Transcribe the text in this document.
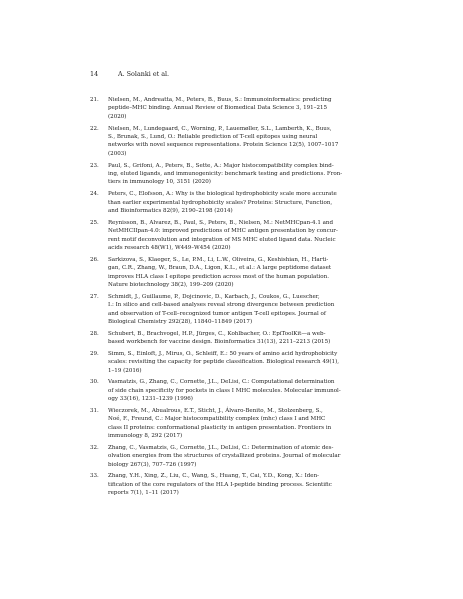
14	A. Solanki et al.
21. Nielsen, M., Andreatta, M., Peters, B., Buus, S.: Immunoinformatics: predicting
peptide–MHC binding. Annual Review of Biomedical Data Science 3, 191–215
(2020)
22. Nielsen, M., Lundegaard, C., Worning, P., Lauemøller, S.L., Lamberth, K., Buus,
S., Brunak, S., Lund, O.: Reliable prediction of T-cell epitopes using neural
networks with novel sequence representations. Protein Science 12(5), 1007–1017
(2003)
23. Paul, S., Grifoni, A., Peters, B., Sette, A.: Major histocompatibility complex bind-
ing, eluted ligands, and immunogenicity: benchmark testing and predictions. Fron-
tiers in immunology 10, 3151 (2020)
24. Peters, C., Elofsson, A.: Why is the biological hydrophobicity scale more accurate
than earlier experimental hydrophobicity scales? Proteins: Structure, Function,
and Bioinformatics 82(9), 2190–2198 (2014)
25. Reynisson, B., Alvarez, B., Paul, S., Peters, B., Nielsen, M.: NetMHCpan-4.1 and
NetMHCIIpan-4.0: improved predictions of MHC antigen presentation by concur-
rent motif deconvolution and integration of MS MHC eluted ligand data. Nucleic
acids research 48(W1), W449–W454 (2020)
26. Sarkizova, S., Klaeger, S., Le, P.M., Li, L.W., Oliveira, G., Keshishian, H., Harti-
gan, C.R., Zhang, W., Braun, D.A., Ligon, K.L., et al.: A large peptidome dataset
improves HLA class I epitope prediction across most of the human population.
Nature biotechnology 38(2), 199–209 (2020)
27. Schmidt, J., Guillaume, P., Dojcinovic, D., Karbach, J., Coukos, G., Luescher,
I.: In silico and cell-based analyses reveal strong divergence between prediction
and observation of T-cell–recognized tumor antigen T-cell epitopes. Journal of
Biological Chemistry 292(28), 11840–11849 (2017)
28. Schubert, B., Brachvogel, H.P., Jürges, C., Kohlbacher, O.: EpiToolKit—a web-
based workbench for vaccine design. Bioinformatics 31(13), 2211–2213 (2015)
29. Simm, S., Einloft, J., Mirus, O., Schleiff, E.: 50 years of amino acid hydrophobicity
scales: revisiting the capacity for peptide classification. Biological research 49(1),
1–19 (2016)
30. Vasmatzis, G., Zhang, C., Cornette, J.L., DeLisi, C.: Computational determination
of side chain specificity for pockets in class I MHC molecules. Molecular immunol-
ogy 33(16), 1231–1239 (1996)
31. Wieczorek, M., Abualrous, E.T., Sticht, J., Álvaro-Benito, M., Stolzenberg, S.,
Noé, F., Freund, C.: Major histocompatibility complex (mhc) class I and MHC
class II proteins: conformational plasticity in antigen presentation. Frontiers in
immunology 8, 292 (2017)
32. Zhang, C., Vasmatzis, G., Cornette, J.L., DeLisi, C.: Determination of atomic des-
olvation energies from the structures of crystallized proteins. Journal of molecular
biology 267(3), 707–726 (1997)
33. Zhang, Y.H., Xing, Z., Liu, C., Wang, S., Huang, T., Cai, Y.D., Kong, X.: Iden-
tification of the core regulators of the HLA I-peptide binding process. Scientific
reports 7(1), 1–11 (2017)
